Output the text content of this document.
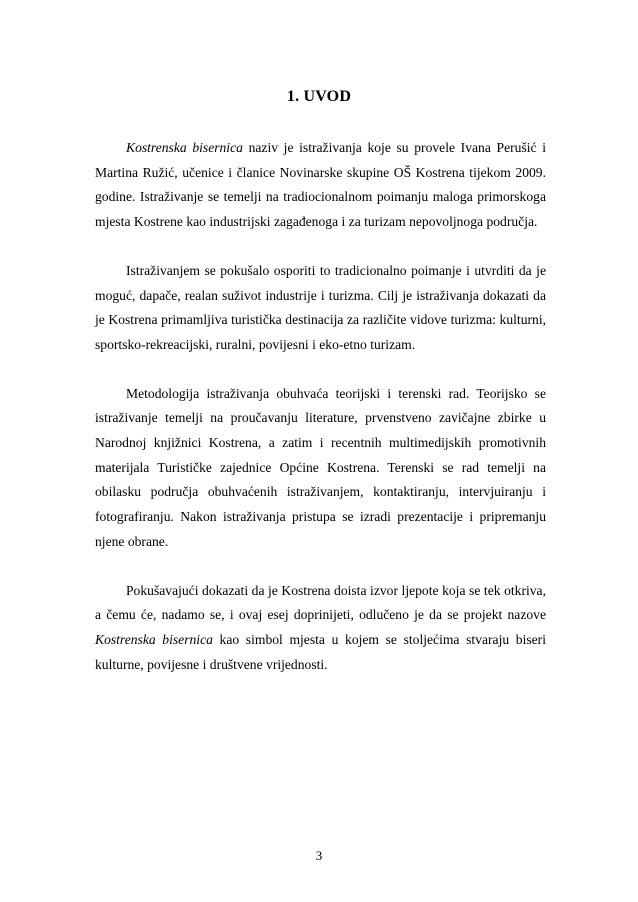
1. UVOD

Kostrenska bisernica naziv je istraživanja koje su provele Ivana Perušić i Martina Ružić, učenice i članice Novinarske skupine OŠ Kostrena tijekom 2009. godine. Istraživanje se temelji na tradiocionalnom poimanju maloga primorskoga mjesta Kostrene kao industrijski zagađenoga i za turizam nepovoljnoga područja.

Istraživanjem se pokušalo osporiti to tradicionalno poimanje i utvrditi da je moguć, dapače, realan suživot industrije i turizma. Cilj je istraživanja dokazati da je Kostrena primamljiva turistička destinacija za različite vidove turizma: kulturni, sportsko-rekreacijski, ruralni, povijesni i eko-etno turizam.

Metodologija istraživanja obuhvaća teorijski i terenski rad. Teorijsko se istraživanje temelji na proučavanju literature, prvenstveno zavičajne zbirke u Narodnoj knjižnici Kostrena, a zatim i recentnih multimedijskih promotivnih materijala Turističke zajednice Općine Kostrena. Terenski se rad temelji na obilasku područja obuhvaćenih istraživanjem, kontaktiranju, intervjuiranju i fotografiranju. Nakon istraživanja pristupa se izradi prezentacije i pripremanju njene obrane.

Pokušavajući dokazati da je Kostrena doista izvor ljepote koja se tek otkriva, a čemu će, nadamo se, i ovaj esej doprinijeti, odlučeno je da se projekt nazove Kostrenska bisernica kao simbol mjesta u kojem se stoljećima stvaraju biseri kulturne, povijesne i društvene vrijednosti.

3
